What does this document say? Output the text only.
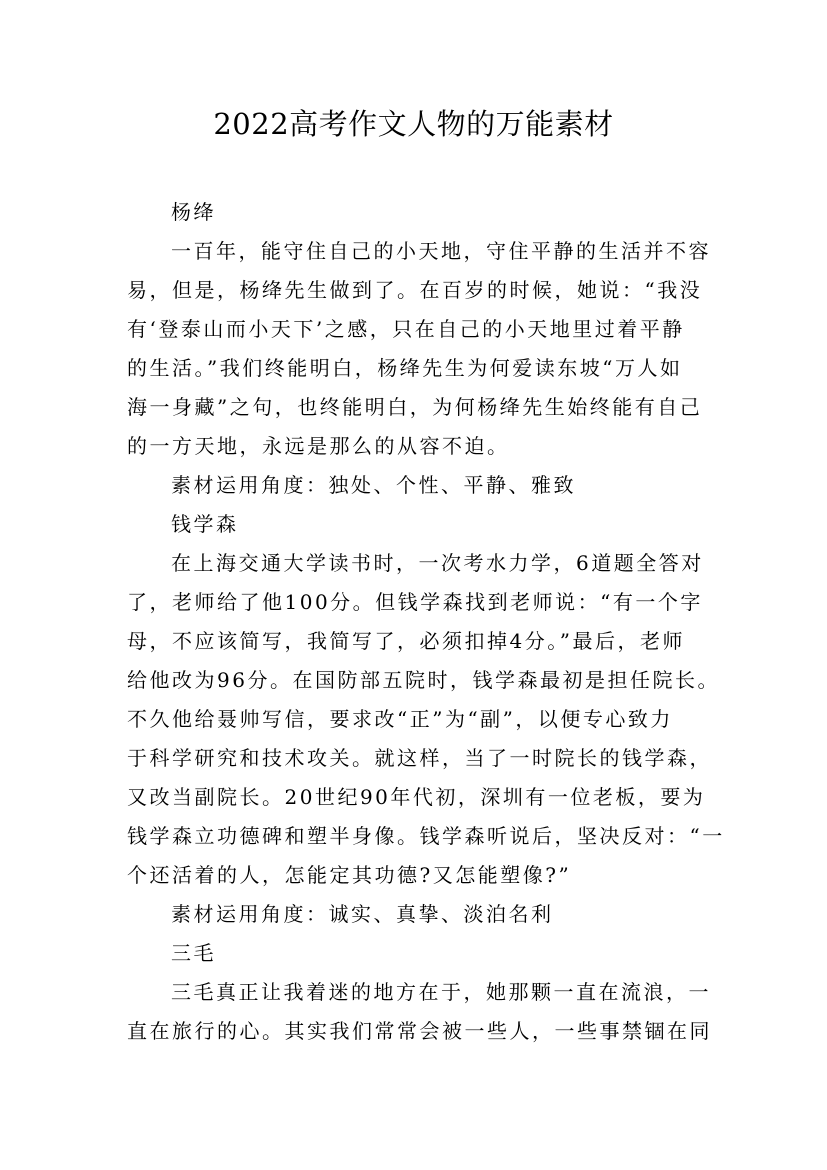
2022高考作文人物的万能素材
杨绛
一百年，能守住自己的小天地，守住平静的生活并不容
易，但是，杨绛先生做到了。在百岁的时候，她说：“我没
有‘登泰山而小天下’之感，只在自己的小天地里过着平静
的生活。”我们终能明白，杨绛先生为何爱读东坡“万人如
海一身藏”之句，也终能明白，为何杨绛先生始终能有自己
的一方天地，永远是那么的从容不迫。
素材运用角度：独处、个性、平静、雅致
钱学森
在上海交通大学读书时，一次考水力学，6道题全答对
了，老师给了他100分。但钱学森找到老师说：“有一个字
母，不应该简写，我简写了，必须扣掉4分。”最后，老师
给他改为96分。在国防部五院时，钱学森最初是担任院长。
不久他给聂帅写信，要求改“正”为“副”，以便专心致力
于科学研究和技术攻关。就这样，当了一时院长的钱学森，
又改当副院长。20世纪90年代初，深圳有一位老板，要为
钱学森立功德碑和塑半身像。钱学森听说后，坚决反对：“一
个还活着的人，怎能定其功德?又怎能塑像?”
素材运用角度：诚实、真挚、淡泊名利
三毛
三毛真正让我着迷的地方在于，她那颗一直在流浪，一
直在旅行的心。其实我们常常会被一些人，一些事禁锢在同
